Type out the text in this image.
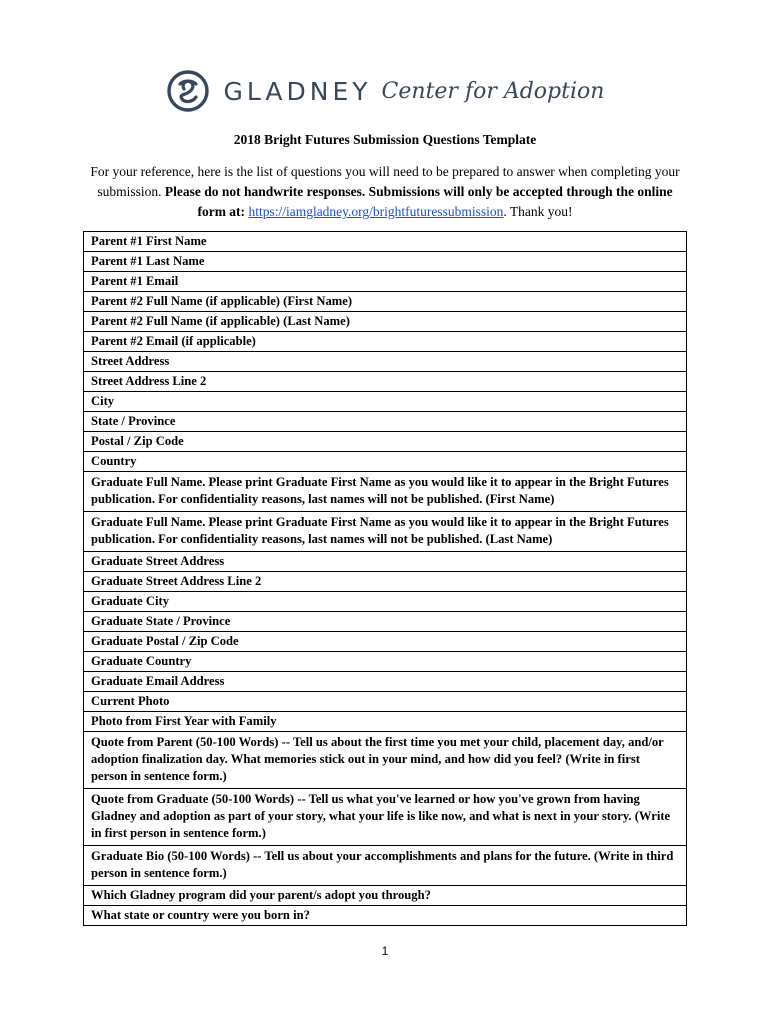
GLADNEY Center for Adoption
2018 Bright Futures Submission Questions Template
For your reference, here is the list of questions you will need to be prepared to answer when completing your submission. Please do not handwrite responses. Submissions will only be accepted through the online form at: https://iamgladney.org/brightfuturessubmission. Thank you!
Parent #1 First Name
Parent #1 Last Name
Parent #1 Email
Parent #2 Full Name (if applicable) (First Name)
Parent #2 Full Name (if applicable) (Last Name)
Parent #2 Email (if applicable)
Street Address
Street Address Line 2
City
State / Province
Postal / Zip Code
Country
Graduate Full Name. Please print Graduate First Name as you would like it to appear in the Bright Futures publication. For confidentiality reasons, last names will not be published. (First Name)
Graduate Full Name. Please print Graduate First Name as you would like it to appear in the Bright Futures publication. For confidentiality reasons, last names will not be published. (Last Name)
Graduate Street Address
Graduate Street Address Line 2
Graduate City
Graduate State / Province
Graduate Postal / Zip Code
Graduate Country
Graduate Email Address
Current Photo
Photo from First Year with Family
Quote from Parent (50-100 Words) -- Tell us about the first time you met your child, placement day, and/or adoption finalization day. What memories stick out in your mind, and how did you feel? (Write in first person in sentence form.)
Quote from Graduate (50-100 Words) -- Tell us what you've learned or how you've grown from having Gladney and adoption as part of your story, what your life is like now, and what is next in your story. (Write in first person in sentence form.)
Graduate Bio (50-100 Words) -- Tell us about your accomplishments and plans for the future. (Write in third person in sentence form.)
Which Gladney program did your parent/s adopt you through?
What state or country were you born in?
1
